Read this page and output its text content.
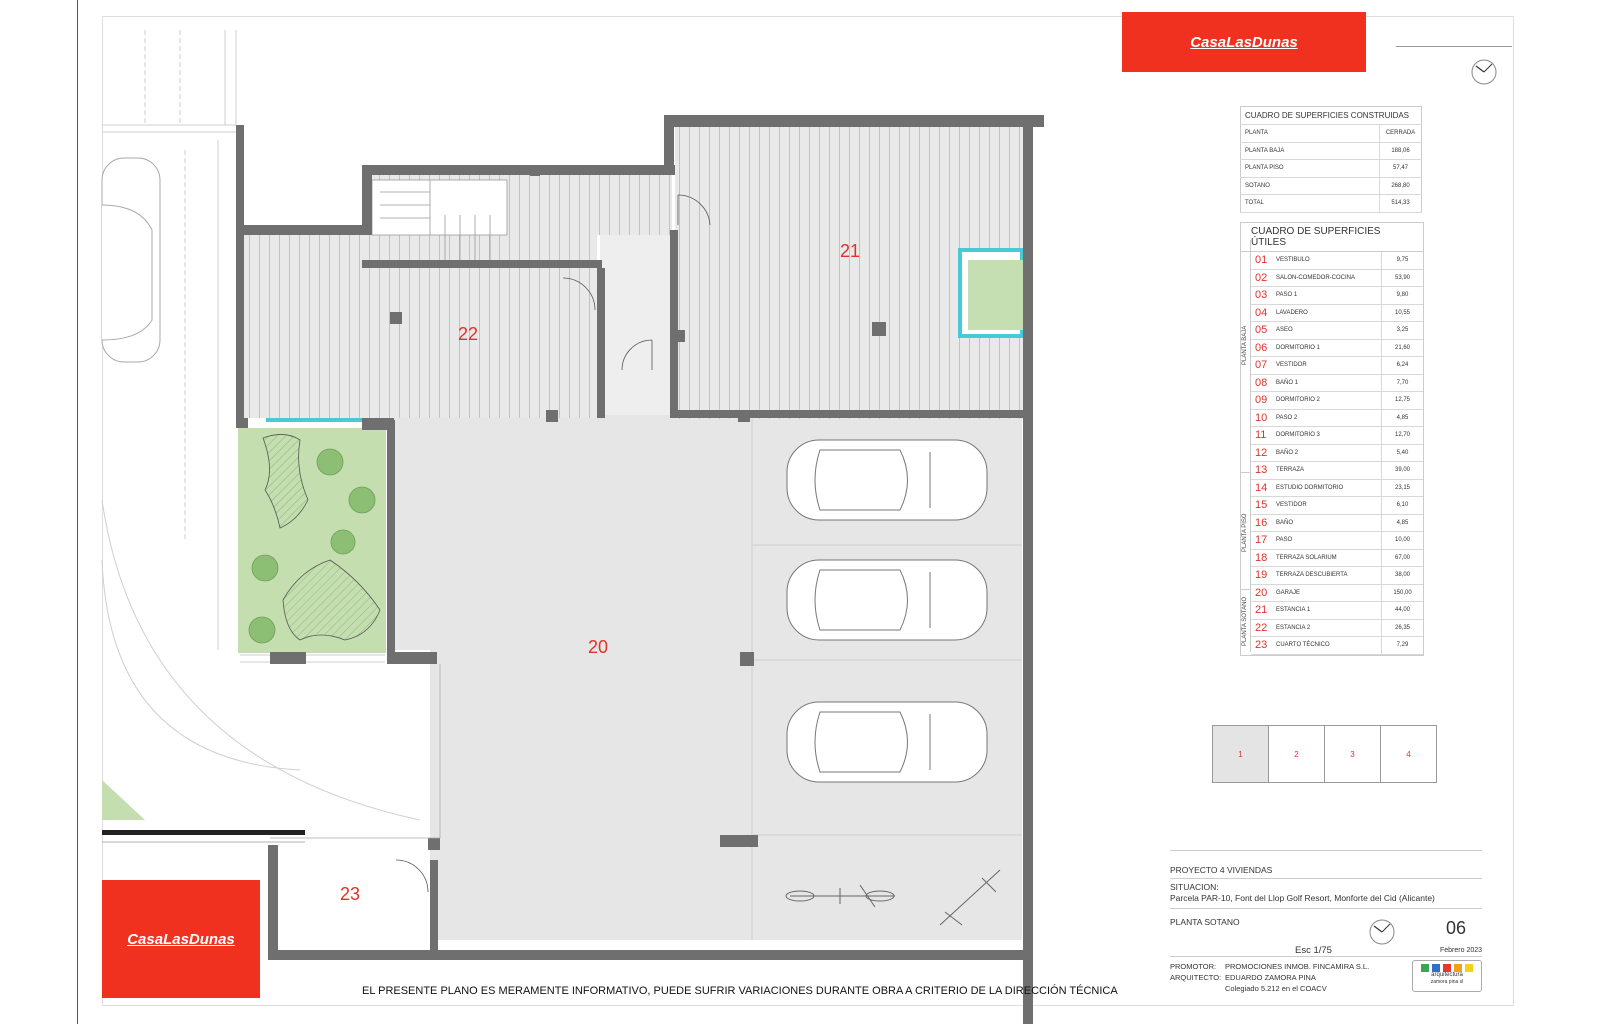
21
22
20
23
CasaLasDunas
CasaLasDunas
EL PRESENTE PLANO ES MERAMENTE INFORMATIVO, PUEDE SUFRIR VARIACIONES DURANTE OBRA A CRITERIO DE LA DIRECCIÓN TÉCNICA
CUADRO DE SUPERFICIES CONSTRUIDAS	
PLANTA	CERRADA
PLANTA BAJA	188,06
PLANTA PISO	57,47
SOTANO	268,80
TOTAL	514,33
CUADRO DE SUPERFICIES ÚTILES
01	VESTIBULO	9,75
02	SALON-COMEDOR-COCINA	53,90
03	PASO 1	9,80
04	LAVADERO	10,55
05	ASEO	3,25
06	DORMITORIO 1	21,60
07	VESTIDOR	6,24
08	BAÑO 1	7,70
09	DORMITORIO 2	12,75
10	PASO 2	4,85
11	DORMITORIO 3	12,70
12	BAÑO 2	5,40
13	TERRAZA	39,00
14	ESTUDIO DORMITORIO	23,15
15	VESTIDOR	6,10
16	BAÑO	4,85
17	PASO	10,00
18	TERRAZA SOLARIUM	67,00
19	TERRAZA DESCUBIERTA	38,00
20	GARAJE	150,00
21	ESTANCIA 1	44,00
22	ESTANCIA 2	26,35
23	CUARTO TÉCNICO	7,29
PLANTA BAJA
PLANTA PISO
PLANTA SOTANO
1	2	3	4
PROYECTO 4 VIVIENDAS
SITUACION:
Parcela PAR-10, Font del Llop Golf Resort, Monforte del Cid (Alicante)
PLANTA SOTANO	06
Esc 1/75	Febrero 2023
PROMOTOR: PROMOCIONES INMOB. FINCAMIRA S.L.
ARQUITECTO: EDUARDO ZAMORA PINA
Colegiado 5.212 en el COACV
arquitectura
zamora pina sl
